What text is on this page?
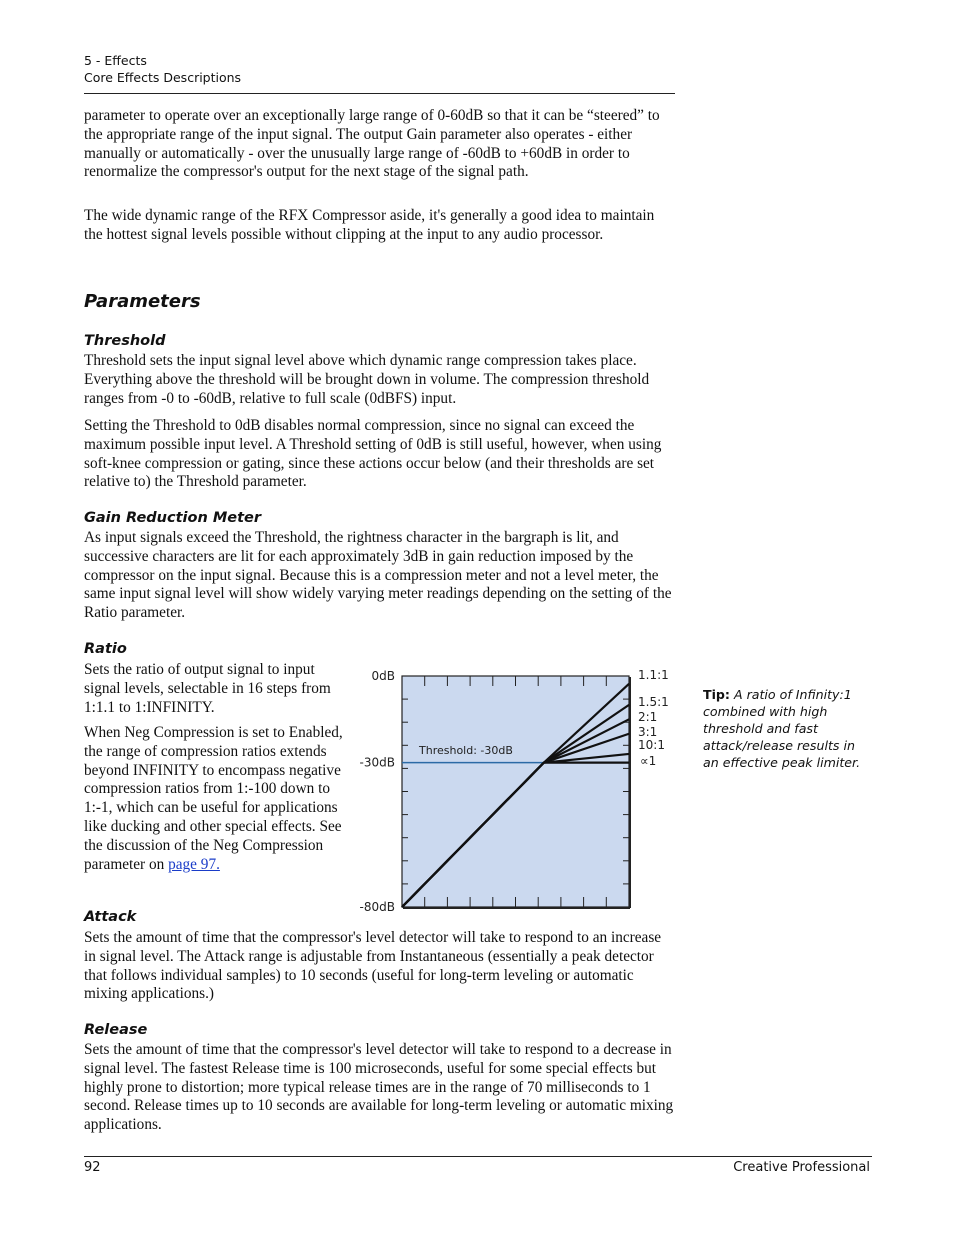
5 - Effects
Core Effects Descriptions

parameter to operate over an exceptionally large range of 0-60dB so that it can be “steered” to the appropriate range of the input signal. The output Gain parameter also operates - either manually or automatically - over the unusually large range of -60dB to +60dB in order to renormalize the compressor's output for the next stage of the signal path.

The wide dynamic range of the RFX Compressor aside, it's generally a good idea to maintain the hottest signal levels possible without clipping at the input to any audio processor.

Parameters
Threshold

Threshold sets the input signal level above which dynamic range compression takes place. Everything above the threshold will be brought down in volume. The compression threshold ranges from -0 to -60dB, relative to full scale (0dBFS) input.

Setting the Threshold to 0dB disables normal compression, since no signal can exceed the maximum possible input level. A Threshold setting of 0dB is still useful, however, when using soft-knee compression or gating, since these actions occur below (and their thresholds are set relative to) the Threshold parameter.

Gain Reduction Meter

As input signals exceed the Threshold, the rightness character in the bargraph is lit, and successive characters are lit for each approximately 3dB in gain reduction imposed by the compressor on the input signal. Because this is a compression meter and not a level meter, the same input signal level will show widely varying meter readings depending on the setting of the Ratio parameter.

Ratio

Sets the ratio of output signal to input signal levels, selectable in 16 steps from 1:1.1 to 1:INFINITY.

When Neg Compression is set to Enabled, the range of compression ratios extends beyond INFINITY to encompass negative compression ratios from 1:-100 down to 1:-1, which can be useful for applications like ducking and other special effects. See the discussion of the Neg Compression parameter on page 97.

Threshold: -30dB
0dB
-30dB
-80dB
1.1:1
1.5:1
2:1
3:1
10:1
∝1
Tip: A ratio of Infinity:1 combined with high threshold and fast attack/release results in an effective peak limiter.
Attack

Sets the amount of time that the compressor's level detector will take to respond to an increase in signal level. The Attack range is adjustable from Instantaneous (essentially a peak detector that follows individual samples) to 10 seconds (useful for long-term leveling or automatic mixing applications.)

Release

Sets the amount of time that the compressor's level detector will take to respond to a decrease in signal level. The fastest Release time is 100 microseconds, useful for some special effects but highly prone to distortion; more typical release times are in the range of 70 milliseconds to 1 second. Release times up to 10 seconds are available for long-term leveling or automatic mixing applications.

92	Creative Professional
